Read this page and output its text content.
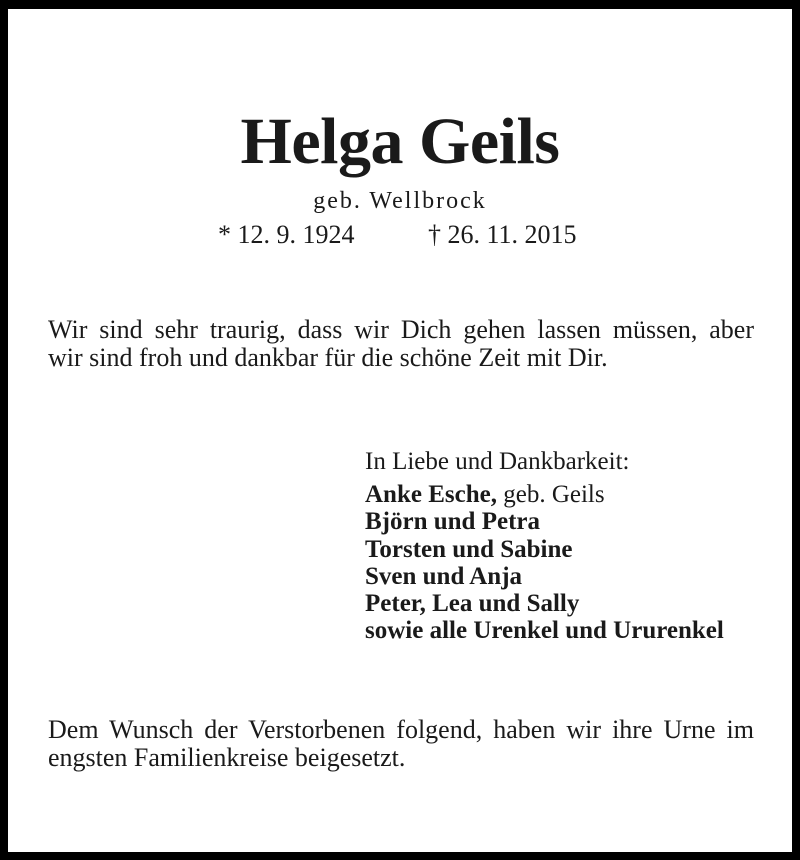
Helga Geils
geb. Wellbrock
* 12. 9. 1924	† 26. 11. 2015
Wir sind sehr traurig, dass wir Dich gehen lassen müssen, aber
wir sind froh und dankbar für die schöne Zeit mit Dir.
In Liebe und Dankbarkeit:
Anke Esche, geb. Geils
Björn und Petra
Torsten und Sabine
Sven und Anja
Peter, Lea und Sally
sowie alle Urenkel und Ururenkel
Dem Wunsch der Verstorbenen folgend, haben wir ihre Urne im
engsten Familienkreise beigesetzt.
